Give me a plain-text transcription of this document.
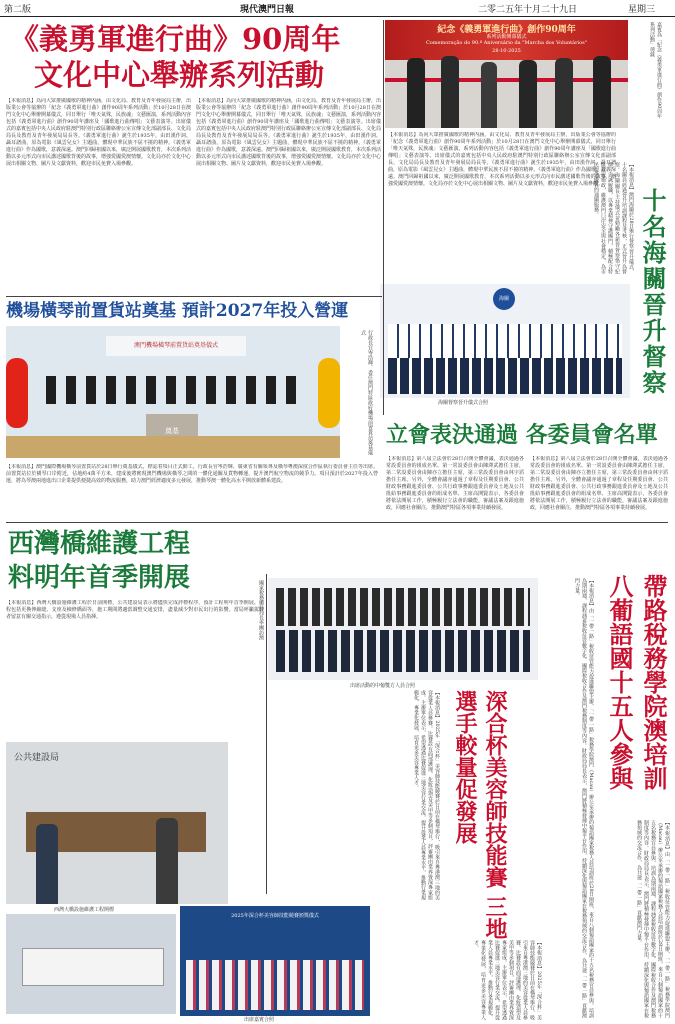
第二版	現代澳門日報	二零二五年十月二十九日	星期三
《義勇軍進行曲》90周年
文化中心舉辦系列活動
【本報消息】為向大眾推廣國歌的精神內涵，由文化局、教育及青年發展局主辦，出版業公會等協辦的「紀念《義勇軍進行曲》創作90周年系列活動」於10月28日在澳門文化中心舉辦開幕儀式，同日舉行「唯天氣殊，民族魂」文藝匯演，系列活動內容包括《義勇軍進行曲》創作90周年講座及「國歌進行曲傳唱」文藝表演等。出席儀式的嘉賓包括中央人民政府駐澳門特別行政區聯絡辦公室宣傳文化部副部長、文化局局長及教育及青年發展局局長等。《義勇軍進行曲》誕生於1935年，由田漢作詞、聶耳譜曲，原為電影《風雲兒女》主題曲，體現中華民族不屈不撓的精神。《義勇軍進行曲》作為國歌，意義深遠。澳門回歸祖國以來，廣泛開展國歌教育，本次系列活動以多元形式向市民講述國歌背後的故事，增強愛國愛澳情懷。文化局亦於文化中心展出相關文物、圖片及文獻資料，歡迎市民免費入場參觀。
【本報消息】為向大眾推廣國歌的精神內涵，由文化局、教育及青年發展局主辦，出版業公會等協辦的「紀念《義勇軍進行曲》創作90周年系列活動」於10月28日在澳門文化中心舉辦開幕儀式，同日舉行「唯天氣殊，民族魂」文藝匯演，系列活動內容包括《義勇軍進行曲》創作90周年講座及「國歌進行曲傳唱」文藝表演等。出席儀式的嘉賓包括中央人民政府駐澳門特別行政區聯絡辦公室宣傳文化部副部長、文化局局長及教育及青年發展局局長等。《義勇軍進行曲》誕生於1935年，由田漢作詞、聶耳譜曲，原為電影《風雲兒女》主題曲，體現中華民族不屈不撓的精神。《義勇軍進行曲》作為國歌，意義深遠。澳門回歸祖國以來，廣泛開展國歌教育，本次系列活動以多元形式向市民講述國歌背後的故事，增強愛國愛澳情懷。文化局亦於文化中心展出相關文物、圖片及文獻資料，歡迎市民免費入場參觀。
紀念《義勇軍進行曲》創作90周年
系列活動開幕儀式
Comemoração do 90.º Aniversário da "Marcha dos Voluntários"
28·10·2025	嘉賓為「紀念《義勇軍進行曲》創作90周年系列活動」剪綵
【本報消息】為向大眾推廣國歌的精神內涵，由文化局、教育及青年發展局主辦，出版業公會等協辦的「紀念《義勇軍進行曲》創作90周年系列活動」於10月28日在澳門文化中心舉辦開幕儀式，同日舉行「唯天氣殊，民族魂」文藝匯演，系列活動內容包括《義勇軍進行曲》創作90周年講座及「國歌進行曲傳唱」文藝表演等。出席儀式的嘉賓包括中央人民政府駐澳門特別行政區聯絡辦公室宣傳文化部副部長、文化局局長及教育及青年發展局局長等。《義勇軍進行曲》誕生於1935年，由田漢作詞、聶耳譜曲，原為電影《風雲兒女》主題曲，體現中華民族不屈不撓的精神。《義勇軍進行曲》作為國歌，意義深遠。澳門回歸祖國以來，廣泛開展國歌教育，本次系列活動以多元形式向市民講述國歌背後的故事，增強愛國愛澳情懷。文化局亦於文化中心展出相關文物、圖片及文獻資料，歡迎市民免費入場參觀。
十名海關晉升督察
【本報消息】澳門海關於28日舉行督察晉升儀式，十名關員經過晉升培訓課程及考核，正式晉升為督察。海關關長主持儀式並勉勵各新晉督察恪守紀律，忠誠履職，以專業精神守護國門，積極配合特區政府施政，維護澳門口岸安全與社會穩定，為市民提供優質的通關服務。
海關
海關督察晉升儀式合照
機場橫琴前置貨站奠基 預計2027年投入營運
澳門機場橫琴前置貨站奠基儀式
奠基	行政長官岑浩輝、委任澳門特區政府機場前置貨站奠基儀式
【本報消息】澳門國際機場橫琴前置貨站於28日舉行奠基儀式，標誌着項目正式動工。行政長官岑浩輝、廣東省有關領導及橫琴粵澳深度合作區執行委員會主任等出席。前置貨站位於橫琴口岸附近，佔地約4萬平方米，建成後將實現澳門機場與橫琴之間的一體化通關及貨物轉運，提升澳門航空物流的競爭力。項目預計於2027年投入營運，將為琴澳兩地進出口企業提供便捷高效的物流服務，助力澳門經濟適度多元發展，推動琴澳一體化高水平開放新體系建設。
立會表決通過 各委員會名單
【本報消息】第八屆立法會於28日召開全體會議，表決通過各常設委員會的組成名單。第一常設委員會由陳澤武擔任主席，第二常設委員會由陳亦立擔任主席，第三常設委員會由林宇滔擔任主席。另外，全體會議亦通過了章程及任期委員會、公共財政事務跟進委員會、公共行政事務跟進委員會及土地及公共批給事務跟進委員會的組成名單。主席高開賢表示，各委員會將依法開展工作，積極履行立法會的職能，審議法案及跟進施政，回應社會關注，推動澳門特區各項事業持續發展。
【本報消息】第八屆立法會於28日召開全體會議，表決通過各常設委員會的組成名單。第一常設委員會由陳澤武擔任主席，第二常設委員會由陳亦立擔任主席，第三常設委員會由林宇滔擔任主席。另外，全體會議亦通過了章程及任期委員會、公共財政事務跟進委員會、公共行政事務跟進委員會及土地及公共批給事務跟進委員會的組成名單。主席高開賢表示，各委員會將依法開展工作，積極履行立法會的職能，審議法案及跟進施政，回應社會關注，推動澳門特區各項事業持續發展。
西灣橋維護工程
料明年首季開展
【本報消息】西灣大橋設施維護工程於日前開標，公共建設局表示將儘快完成評標程序，預計工程明年首季開展。工程包括更換伸縮縫、支座及檢修橋面等，施工期間將適當調整交通安排，盡量減少對市民出行的影響。當局呼籲駕駛者留意有關交通指示，遵從現場人員指揮。
公共建設局
西灣大橋設施維護工程開標
國家稅務總局局長率團訪澳
出席活動的中葡雙方人員合照	帶路稅務學院澳培訓 八葡語國十五人參與
【本報消息】由「一帶一路」稅收征管能力促進聯盟主辦、「一帶一路」稅務學院澳門（Macau）辦公室承辦的葡語國家稅務人員培訓班於28日開班，來自八個葡語國家的十五名稅務官員參與。培訓為期兩週，課程涵蓋稅收征管數字化、國際稅收合作及澳門稅務制度等內容。財政局局長表示，澳門將積極發揮中葡平台作用，持續深化與葡語國家在稅務領域的交流合作，為共建「一帶一路」貢獻澳門力量。
【本報消息】由「一帶一路」稅收征管能力促進聯盟主辦、「一帶一路」稅務學院澳門（Macau）辦公室承辦的葡語國家稅務人員培訓班於28日開班，來自八個葡語國家的十五名稅務官員參與。培訓為期兩週，課程涵蓋稅收征管數字化、國際稅收合作及澳門稅務制度等內容。財政局局長表示，澳門將積極發揮中葡平台作用，持續深化與葡語國家在稅務領域的交流合作，為共建「一帶一路」貢獻澳門力量。
深合杯美容師技能賽 三地選手較量促發展
【本報消息】2025年「深合杯」美容師技能競賽於日前在橫琴舉行，吸引來自粵港澳三地的美容從業人員參賽。比賽設有面部護理、化妝造型及美甲等多個項目，評審團由業界資深專家組成。主辦單位表示，希望透過比賽促進三地美容行業交流，提升從業人員專業水平，推動行業規範化、專業化發展，培育更多美容專業人才。
【本報消息】2025年「深合杯」美容師技能競賽於日前在橫琴舉行，吸引來自粵港澳三地的美容從業人員參賽。比賽設有面部護理、化妝造型及美甲等多個項目，評審團由業界資深專家組成。主辦單位表示，希望透過比賽促進三地美容行業交流，提升從業人員專業水平，推動行業規範化、專業化發展，培育更多美容專業人才。
2025年深合杯美容師技能競賽頒獎儀式
出席嘉賓合照
